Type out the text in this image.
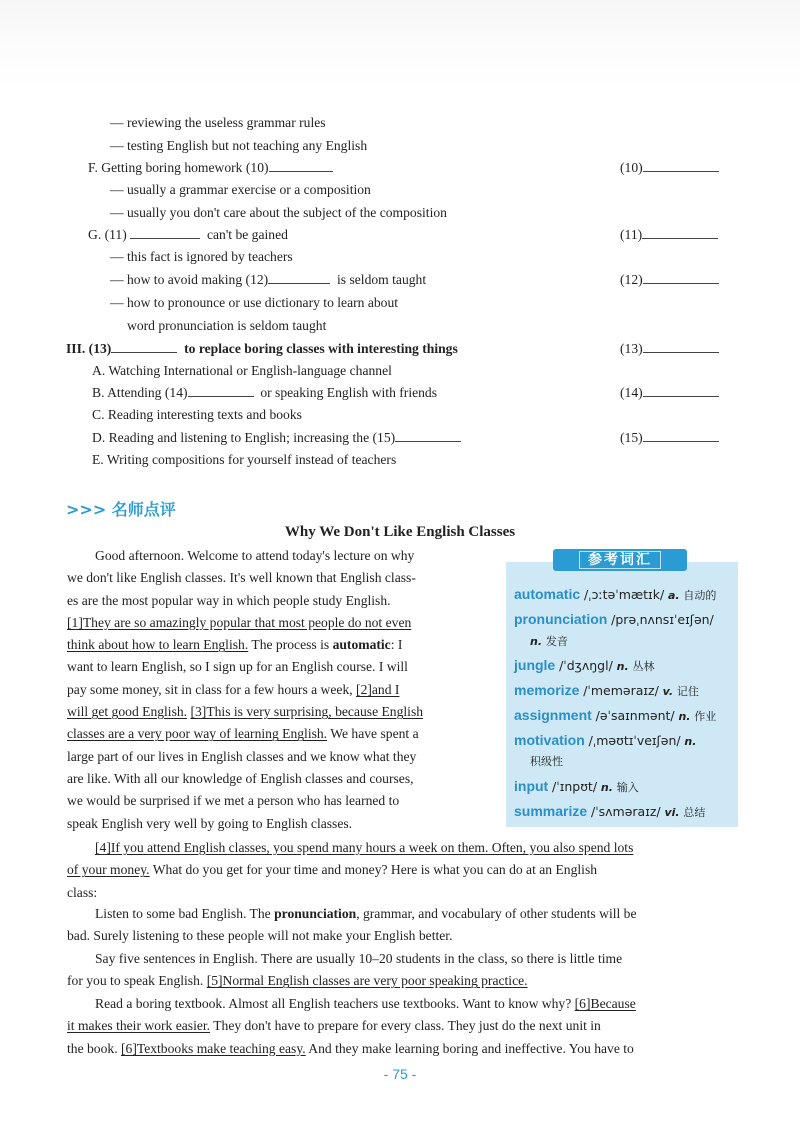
— reviewing the useless grammar rules
— testing English but not teaching any English
F. Getting boring homework (10)	(10)
— usually a grammar exercise or a composition
— usually you don't care about the subject of the composition
G. (11)	can't be gained	(11)
— this fact is ignored by teachers
— how to avoid making (12)	is seldom taught	(12)
— how to pronounce or use dictionary to learn about
word pronunciation is seldom taught
III. (13)	to replace boring classes with interesting things	(13)
A. Watching International or English-language channel
B. Attending (14)	or speaking English with friends	(14)
C. Reading interesting texts and books
D. Reading and listening to English; increasing the (15)	(15)
E. Writing compositions for yourself instead of teachers
>>> 名师点评
Why We Don't Like English Classes
Good afternoon. Welcome to attend today's lecture on why
we don't like English classes. It's well known that English class-
es are the most popular way in which people study English.
[1]They are so amazingly popular that most people do not even
think about how to learn English. The process is automatic: I
want to learn English, so I sign up for an English course. I will
pay some money, sit in class for a few hours a week, [2]and I
will get good English. [3]This is very surprising, because English
classes are a very poor way of learning English. We have spent a
large part of our lives in English classes and we know what they
are like. With all our knowledge of English classes and courses,
we would be surprised if we met a person who has learned to
speak English very well by going to English classes.
参考词汇
automatic /ˌɔːtəˈmætɪk/ a. 自动的
pronunciation /prəˌnʌnsɪˈeɪʃən/
n. 发音
jungle /ˈdʒʌŋgl/ n. 丛林
memorize /ˈmeməraɪz/ v. 记住
assignment /əˈsaɪnmənt/ n. 作业
motivation /ˌməʊtɪˈveɪʃən/ n.
积级性
input /ˈɪnpʊt/ n. 输入
summarize /ˈsʌməraɪz/ vi. 总结
[4]If you attend English classes, you spend many hours a week on them. Often, you also spend lots
of your money. What do you get for your time and money? Here is what you can do at an English
class:
Listen to some bad English. The pronunciation, grammar, and vocabulary of other students will be
bad. Surely listening to these people will not make your English better.
Say five sentences in English. There are usually 10–20 students in the class, so there is little time
for you to speak English. [5]Normal English classes are very poor speaking practice.
Read a boring textbook. Almost all English teachers use textbooks. Want to know why? [6]Because
it makes their work easier. They don't have to prepare for every class. They just do the next unit in
the book. [6]Textbooks make teaching easy. And they make learning boring and ineffective. You have to
- 75 -
